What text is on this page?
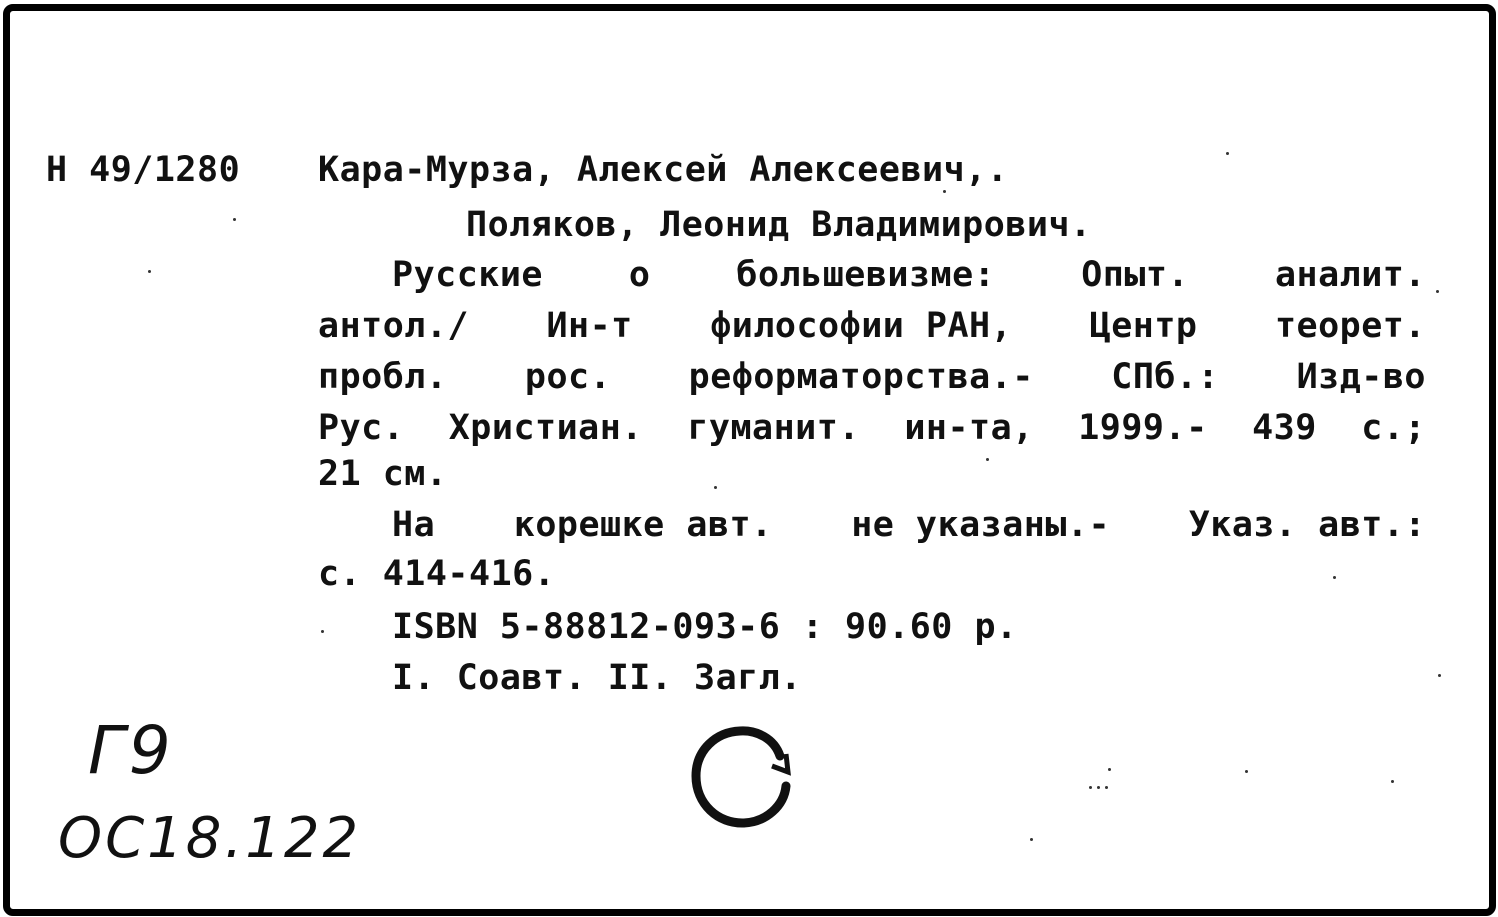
Н 49/1280 Кара-Мурза, Алексей Алексеевич,.
Поляков, Леонид Владимирович.
Русские о большевизме: Опыт. аналит.
антол./ Ин-т философии РАН, Центр теорет.
пробл. рос. реформаторства.- СПб.: Изд-во
Рус. Христиан. гуманит. ин-та, 1999.- 439 с.;
21 см.
На корешке авт. не указаны.- Указ. авт.:
с. 414-416.
ISBN 5-88812-093-6 : 90.60 р.
I. Соавт. II. Загл.
Г9
ОС18.122
